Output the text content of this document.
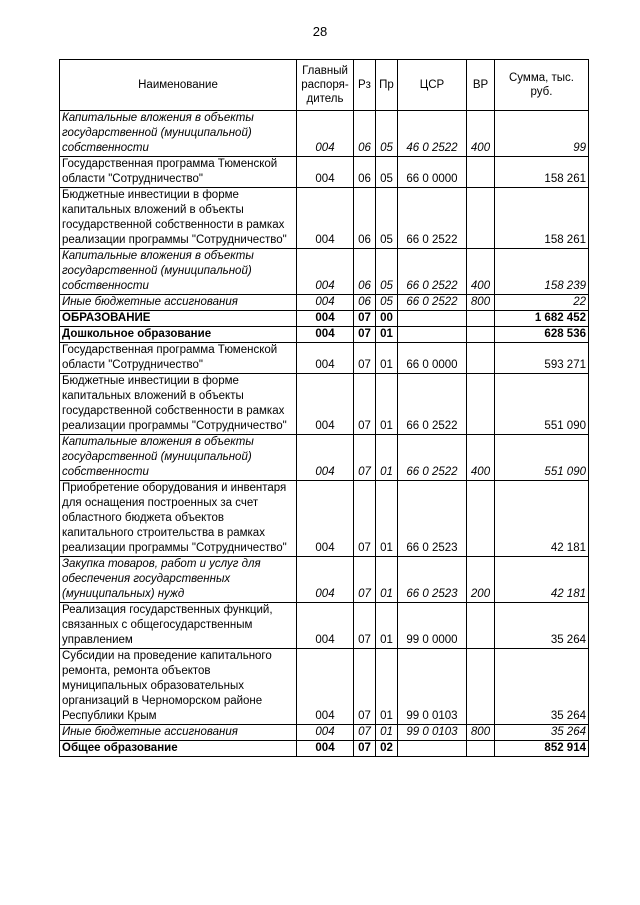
28
Наименование	Главный распоря-дитель	Рз	Пр	ЦСР	ВР	Сумма, тыс. руб.
Капитальные вложения в объекты государственной (муниципальной) собственности	004	06	05	46 0 2522	400	99
Государственная программа Тюменской области "Сотрудничество"	004	06	05	66 0 0000		158 261
Бюджетные инвестиции в форме капитальных вложений в объекты государственной собственности в рамках реализации программы "Сотрудничество"	004	06	05	66 0 2522		158 261
Капитальные вложения в объекты государственной (муниципальной) собственности	004	06	05	66 0 2522	400	158 239
Иные бюджетные ассигнования	004	06	05	66 0 2522	800	22
ОБРАЗОВАНИЕ	004	07	00			1 682 452
Дошкольное образование	004	07	01			628 536
Государственная программа Тюменской области "Сотрудничество"	004	07	01	66 0 0000		593 271
Бюджетные инвестиции в форме капитальных вложений в объекты государственной собственности в рамках реализации программы "Сотрудничество"	004	07	01	66 0 2522		551 090
Капитальные вложения в объекты государственной (муниципальной) собственности	004	07	01	66 0 2522	400	551 090
Приобретение оборудования и инвентаря для оснащения построенных за счет областного бюджета объектов капитального строительства в рамках реализации программы "Сотрудничество"	004	07	01	66 0 2523		42 181
Закупка товаров, работ и услуг для обеспечения государственных (муниципальных) нужд	004	07	01	66 0 2523	200	42 181
Реализация государственных функций, связанных с общегосударственным управлением	004	07	01	99 0 0000		35 264
Субсидии на проведение капитального ремонта, ремонта объектов муниципальных образовательных организаций в Черноморском районе Республики Крым	004	07	01	99 0 0103		35 264
Иные бюджетные ассигнования	004	07	01	99 0 0103	800	35 264
Общее образование	004	07	02			852 914
